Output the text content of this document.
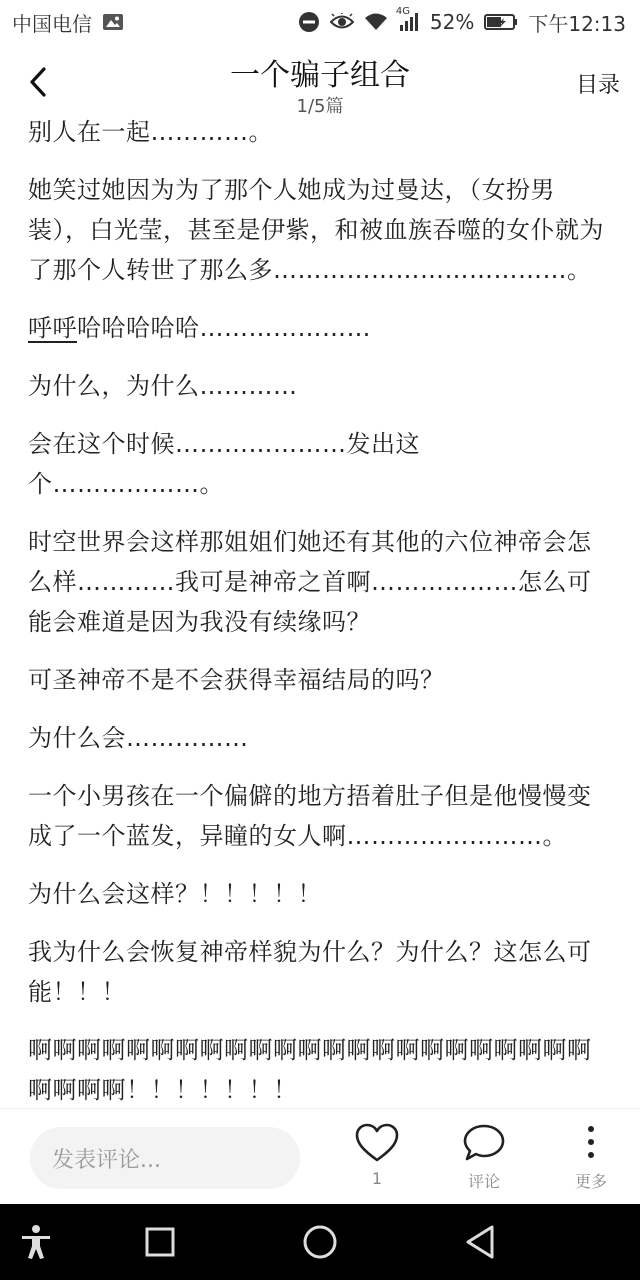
中国电信	4G 52%	下午12:13
一个骗子组合
1/5篇
目录

别人在一起…………。

她笑过她因为为了那个人她成为过曼达，（女扮男装），白光莹，甚至是伊紫，和被血族吞噬的女仆就为了那个人转世了那么多………………………………。

呼呼哈哈哈哈哈…………………

为什么，为什么…………

会在这个时候…………………发出这个………………。

时空世界会这样那姐姐们她还有其他的六位神帝会怎么样…………我可是神帝之首啊………………怎么可能会难道是因为我没有续缘吗？

可圣神帝不是不会获得幸福结局的吗？

为什么会……………

一个小男孩在一个偏僻的地方捂着肚子但是他慢慢变成了一个蓝发，异瞳的女人啊……………………。

为什么会这样？！！！！！

我为什么会恢复神帝样貌为什么？为什么？这怎么可能！！！

啊啊啊啊啊啊啊啊啊啊啊啊啊啊啊啊啊啊啊啊啊啊啊啊啊啊啊！！！！！！！

发表评论...
1	评论	更多
